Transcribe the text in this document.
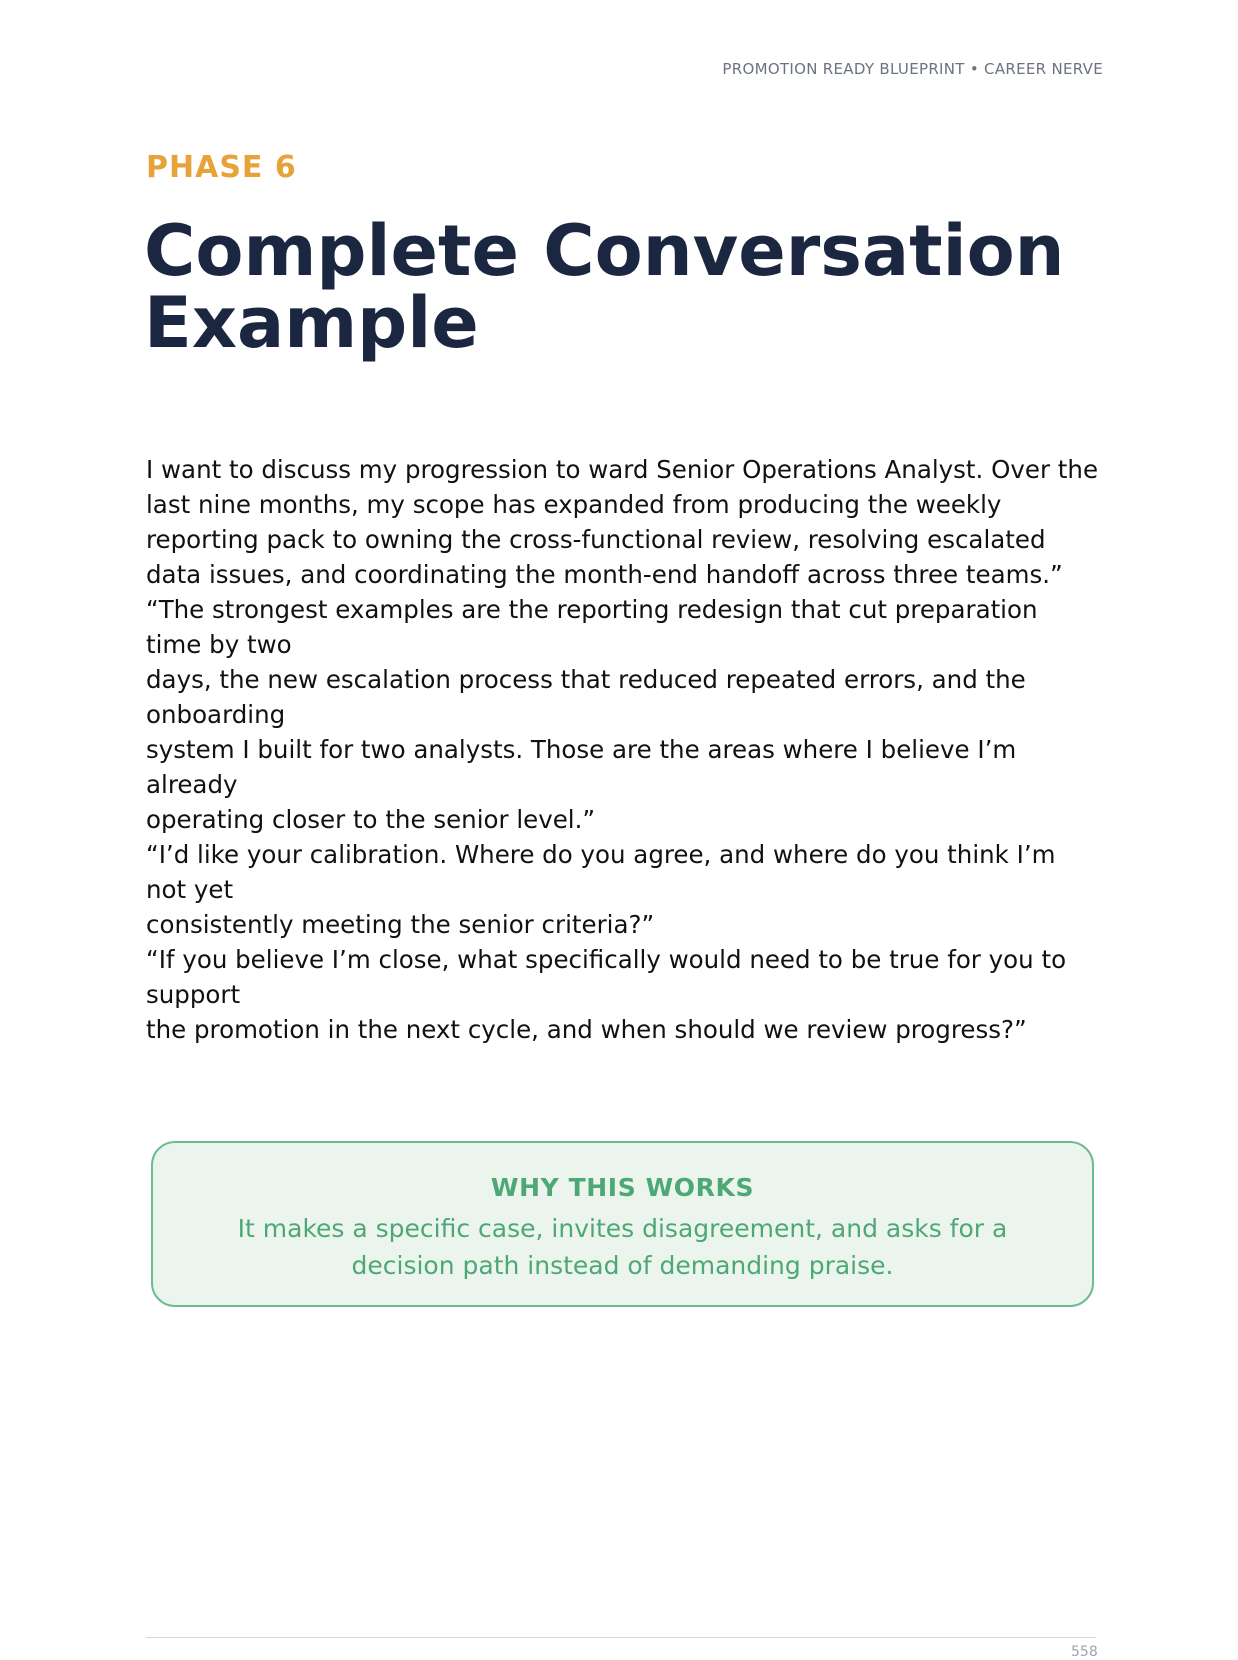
PROMOTION READY BLUEPRINT • CAREER NERVE
PHASE 6
Complete Conversation
Example
I want to discuss my progression to ward Senior Operations Analyst. Over the
last nine months, my scope has expanded from producing the weekly
reporting pack to owning the cross-functional review, resolving escalated
data issues, and coordinating the month-end handoff across three teams.”
“The strongest examples are the reporting redesign that cut preparation
time by two
days, the new escalation process that reduced repeated errors, and the
onboarding
system I built for two analysts. Those are the areas where I believe I’m
already
operating closer to the senior level.”
“I’d like your calibration. Where do you agree, and where do you think I’m
not yet
consistently meeting the senior criteria?”
“If you believe I’m close, what specifically would need to be true for you to
support
the promotion in the next cycle, and when should we review progress?”
WHY THIS WORKS
It makes a specific case, invites disagreement, and asks for a decision path instead of demanding praise.
558
